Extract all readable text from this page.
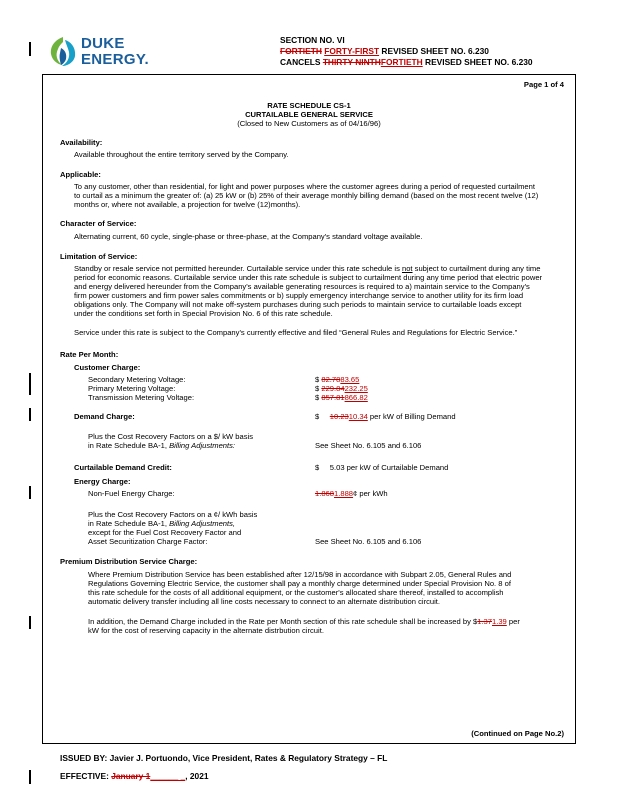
DUKE
ENERGY.
SECTION NO. VI
FORTIETH FORTY-FIRST REVISED SHEET NO. 6.230
CANCELS THIRTY NINTHFORTIETH REVISED SHEET NO. 6.230
Page 1 of 4
RATE SCHEDULE CS-1
CURTAILABLE GENERAL SERVICE
(Closed to New Customers as of 04/16/96)
Availability:
Available throughout the entire territory served by the Company.
Applicable:
To any customer, other than residential, for light and power purposes where the customer agrees during a period of requested curtailment
to curtail as a minimum the greater of: (a) 25 kW or (b) 25% of their average monthly billing demand (based on the most recent twelve (12)
months or, where not available, a projection for twelve (12)months).
Character of Service:
Alternating current, 60 cycle, single-phase or three-phase, at the Company's standard voltage available.
Limitation of Service:
Standby or resale service not permitted hereunder. Curtailable service under this rate schedule is not subject to curtailment during any time
period for economic reasons. Curtailable service under this rate schedule is subject to curtailment during any time period that electric power
and energy delivered hereunder from the Company's available generating resources is required to a) maintain service to the Company's
firm power customers and firm power sales commitments or b) supply emergency interchange service to another utility for its firm load
obligations only. The Company will not make off-system purchases during such periods to maintain service to curtailable loads except
under the conditions set forth in Special Provision No. 6 of this rate schedule.
Service under this rate is subject to the Company's currently effective and filed “General Rules and Regulations for Electric Service.”
Rate Per Month:
Customer Charge:
Secondary Metering Voltage:	$ 82.7883.65
Primary Metering Voltage:	$ 229.84232.25
Transmission Metering Voltage:	$ 857.81866.82
Demand Charge:	$     10.2310.34 per kW of Billing Demand
Plus the Cost Recovery Factors on a $/ kW basis
in Rate Schedule BA-1, Billing Adjustments:	See Sheet No. 6.105 and 6.106
Curtailable Demand Credit:	$     5.03 per kW of Curtailable Demand
Energy Charge:
Non-Fuel Energy Charge:	1.8681.888¢ per kWh
Plus the Cost Recovery Factors on a ¢/ kWh basis
in Rate Schedule BA-1, Billing Adjustments,
except for the Fuel Cost Recovery Factor and
Asset Securitization Charge Factor:	See Sheet No. 6.105 and 6.106
Premium Distribution Service Charge:
Where Premium Distribution Service has been established after 12/15/98 in accordance with Subpart 2.05, General Rules and
Regulations Governing Electric Service, the customer shall pay a monthly charge determined under Special Provision No. 8 of
this rate schedule for the costs of all additional equipment, or the customer's allocated share thereof, installed to accomplish
automatic delivery transfer including all line costs necessary to connect to an alternate distribution circuit.
In addition, the Demand Charge included in the Rate per Month section of this rate schedule shall be increased by $1.371.39 per
kW for the cost of reserving capacity in the alternate distrbution circuit.
(Continued on Page No.2)
ISSUED BY: Javier J. Portuondo, Vice President, Rates & Regulatory Strategy – FL
EFFECTIVE: January 1______ _, 2021
